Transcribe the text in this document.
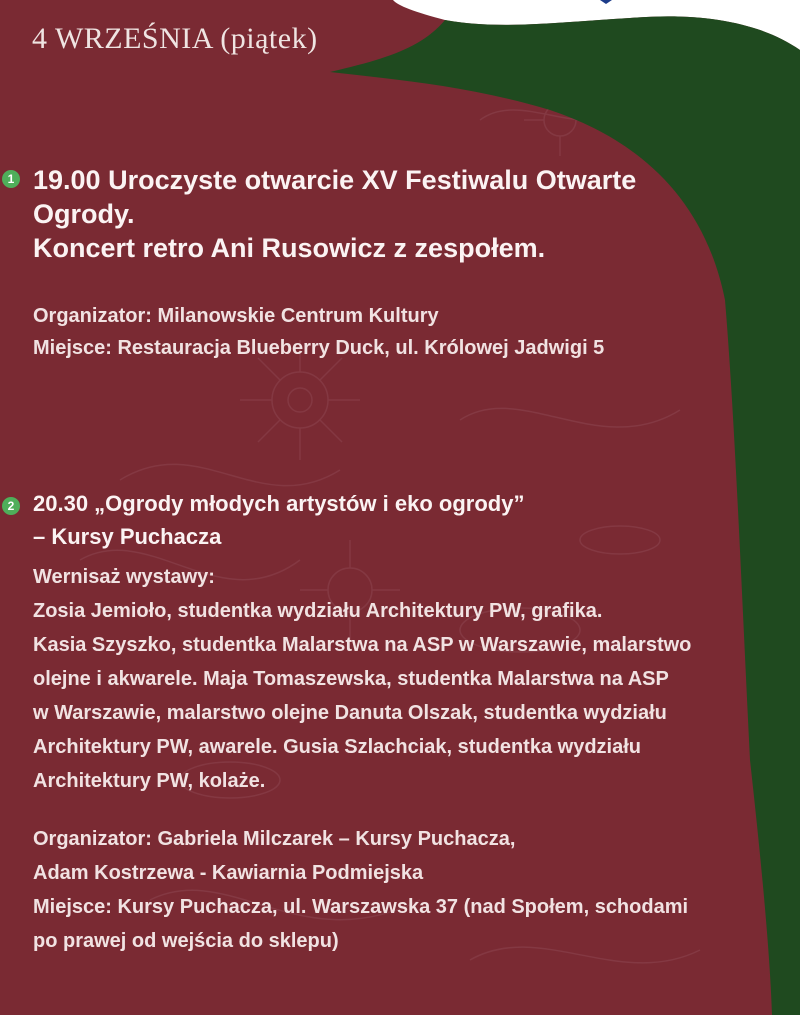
4 WRZEŚNIA (piątek)
1 19.00 Uroczyste otwarcie XV Festiwalu Otwarte
Ogrody.
Koncert retro Ani Rusowicz z zespołem.
Organizator: Milanowskie Centrum Kultury
Miejsce: Restauracja Blueberry Duck, ul. Królowej Jadwigi 5
2 20.30 „Ogrody młodych artystów i eko ogrody”
– Kursy Puchacza
Wernisaż wystawy:
Zosia Jemioło, studentka wydziału Architektury PW, grafika.
Kasia Szyszko, studentka Malarstwa na ASP w Warszawie, malarstwo
olejne i akwarele. Maja Tomaszewska, studentka Malarstwa na ASP
w Warszawie, malarstwo olejne Danuta Olszak, studentka wydziału
Architektury PW, awarele. Gusia Szlachciak, studentka wydziału
Architektury PW, kolaże.
Organizator: Gabriela Milczarek – Kursy Puchacza,
Adam Kostrzewa - Kawiarnia Podmiejska
Miejsce: Kursy Puchacza, ul. Warszawska 37 (nad Społem, schodami
po prawej od wejścia do sklepu)
